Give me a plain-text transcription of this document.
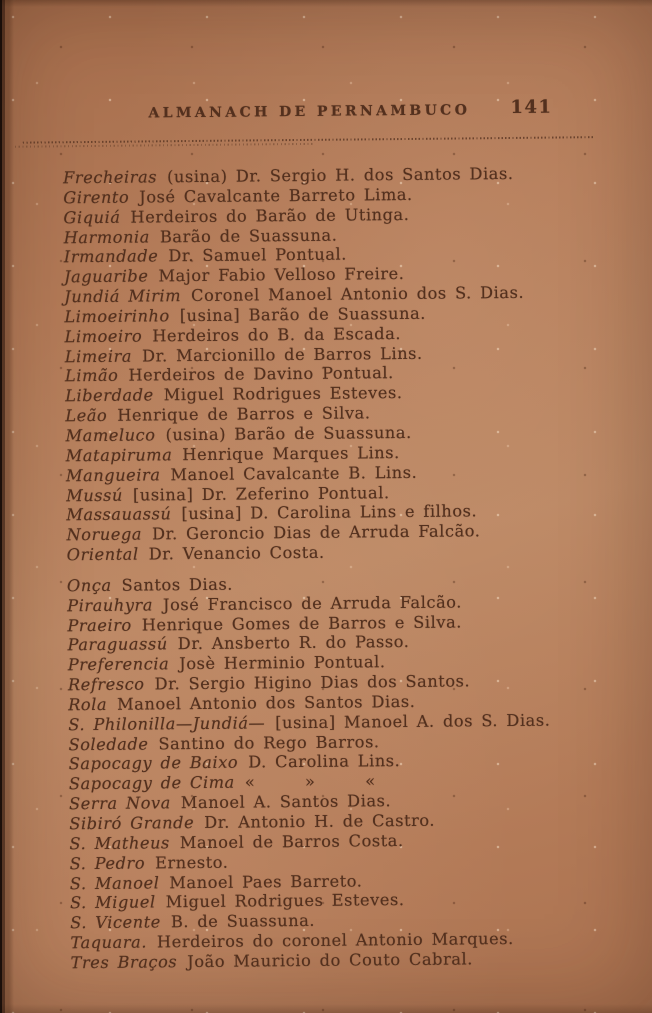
ALMANACH DE PERNAMBUCO 141
Frecheiras (usina) Dr. Sergio H. dos Santos Dias.
Girento José Cavalcante Barreto Lima.
Giquiá Herdeiros do Barão de Utinga.
Harmonia Barão de Suassuna.
Irmandade Dr. Samuel Pontual.
Jaguaribe Major Fabio Velloso Freire.
Jundiá Mirim Coronel Manoel Antonio dos S. Dias.
Limoeirinho [usina] Barão de Suassuna.
Limoeiro Herdeiros do B. da Escada.
Limeira Dr. Marcionillo de Barros Lins.
Limão Herdeiros de Davino Pontual.
Liberdade Miguel Rodrigues Esteves.
Leão Henrique de Barros e Silva.
Mameluco (usina) Barão de Suassuna.
Matapiruma Henrique Marques Lins.
Mangueira Manoel Cavalcante B. Lins.
Mussú [usina] Dr. Zeferino Pontual.
Massauassú [usina] D. Carolina Lins e filhos.
Noruega Dr. Geroncio Dias de Arruda Falcão.
Oriental Dr. Venancio Costa.
Onça Santos Dias.
Pirauhyra José Francisco de Arruda Falcão.
Praeiro Henrique Gomes de Barros e Silva.
Paraguassú Dr. Ansberto R. do Passo.
Preferencia Josè Herminio Pontual.
Refresco Dr. Sergio Higino Dias dos Santos.
Rola Manoel Antonio dos Santos Dias.
S. Philonilla—Jundiá— [usina] Manoel A. dos S. Dias.
Soledade Santino do Rego Barros.
Sapocagy de Baixo D. Carolina Lins.
Sapocagy de Cima «      »      «
Serra Nova Manoel A. Santos Dias.
Sibiró Grande Dr. Antonio H. de Castro.
S. Matheus Manoel de Barros Costa.
S. Pedro Ernesto.
S. Manoel Manoel Paes Barreto.
S. Miguel Miguel Rodrigues Esteves.
S. Vicente B. de Suassuna.
Taquara. Herdeiros do coronel Antonio Marques.
Tres Braços João Mauricio do Couto Cabral.
